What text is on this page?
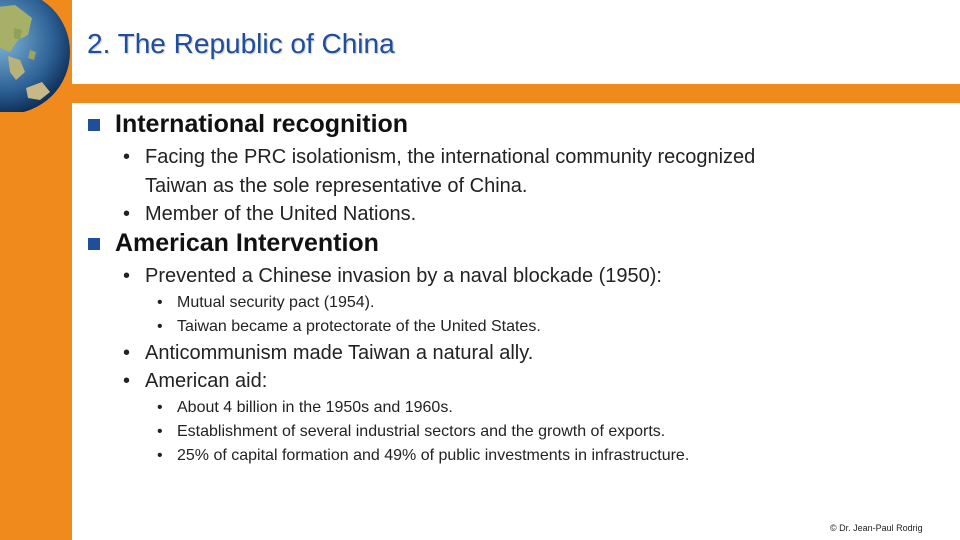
2. The Republic of China
International recognition
• Facing the PRC isolationism, the international community recognized
Taiwan as the sole representative of China.
• Member of the United Nations.
American Intervention
• Prevented a Chinese invasion by a naval blockade (1950):
• Mutual security pact (1954).
• Taiwan became a protectorate of the United States.
• Anticommunism made Taiwan a natural ally.
• American aid:
• About 4 billion in the 1950s and 1960s.
• Establishment of several industrial sectors and the growth of exports.
• 25% of capital formation and 49% of public investments in infrastructure.
© Dr. Jean-Paul Rodrig
